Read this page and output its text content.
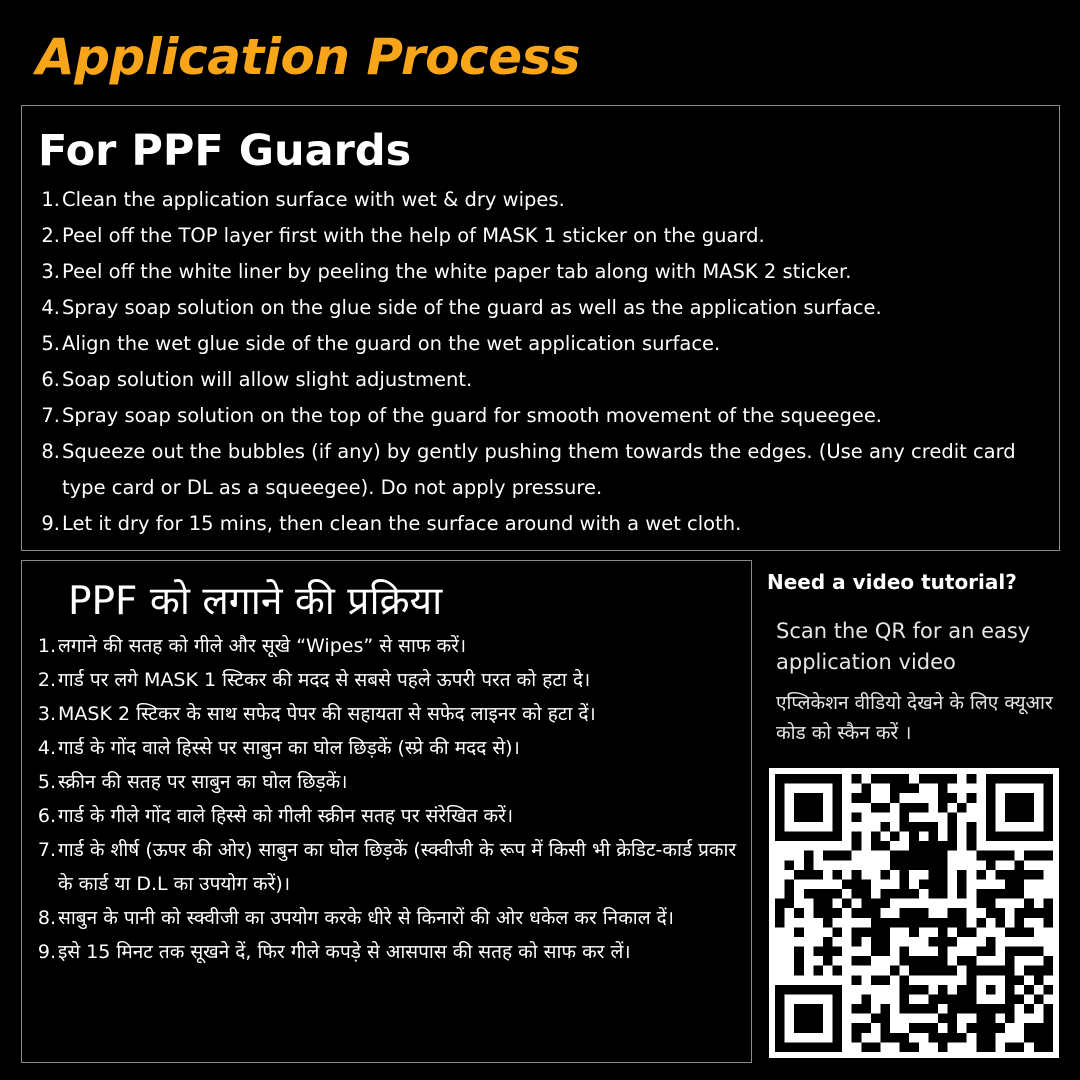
Application Process
For PPF Guards
1. Clean the application surface with wet & dry wipes.
2. Peel off the TOP layer first with the help of MASK 1 sticker on the guard.
3. Peel off the white liner by peeling the white paper tab along with MASK 2 sticker.
4. Spray soap solution on the glue side of the guard as well as the application surface.
5. Align the wet glue side of the guard on the wet application surface.
6. Soap solution will allow slight adjustment.
7. Spray soap solution on the top of the guard for smooth movement of the squeegee.
8. Squeeze out the bubbles (if any) by gently pushing them towards the edges. (Use any credit card type card or DL as a squeegee). Do not apply pressure.
9. Let it dry for 15 mins, then clean the surface around with a wet cloth.
PPF को लगाने की प्रक्रिया
1. लगाने की सतह को गीले और सूखे “Wipes” से साफ करें।
2. गार्ड पर लगे MASK 1 स्टिकर की मदद से सबसे पहले ऊपरी परत को हटा दे।
3. MASK 2 स्टिकर के साथ सफेद पेपर की सहायता से सफेद लाइनर को हटा दें।
4. गार्ड के गोंद वाले हिस्से पर साबुन का घोल छिड़कें (स्प्रे की मदद से)।
5. स्क्रीन की सतह पर साबुन का घोल छिड़कें।
6. गार्ड के गीले गोंद वाले हिस्से को गीली स्क्रीन सतह पर संरेखित करें।
7. गार्ड के शीर्ष (ऊपर की ओर) साबुन का घोल छिड़कें (स्क्वीजी के रूप में किसी भी क्रेडिट-कार्ड प्रकार के कार्ड या D.L का उपयोग करें)।
8. साबुन के पानी को स्क्वीजी का उपयोग करके धीरे से किनारों की ओर धकेल कर निकाल दें।
9. इसे 15 मिनट तक सूखने दें, फिर गीले कपड़े से आसपास की सतह को साफ कर लें।
Need a video tutorial?

Scan the QR for an easy application video

एप्लिकेशन वीडियो देखने के लिए क्यूआर कोड को स्कैन करें ।
